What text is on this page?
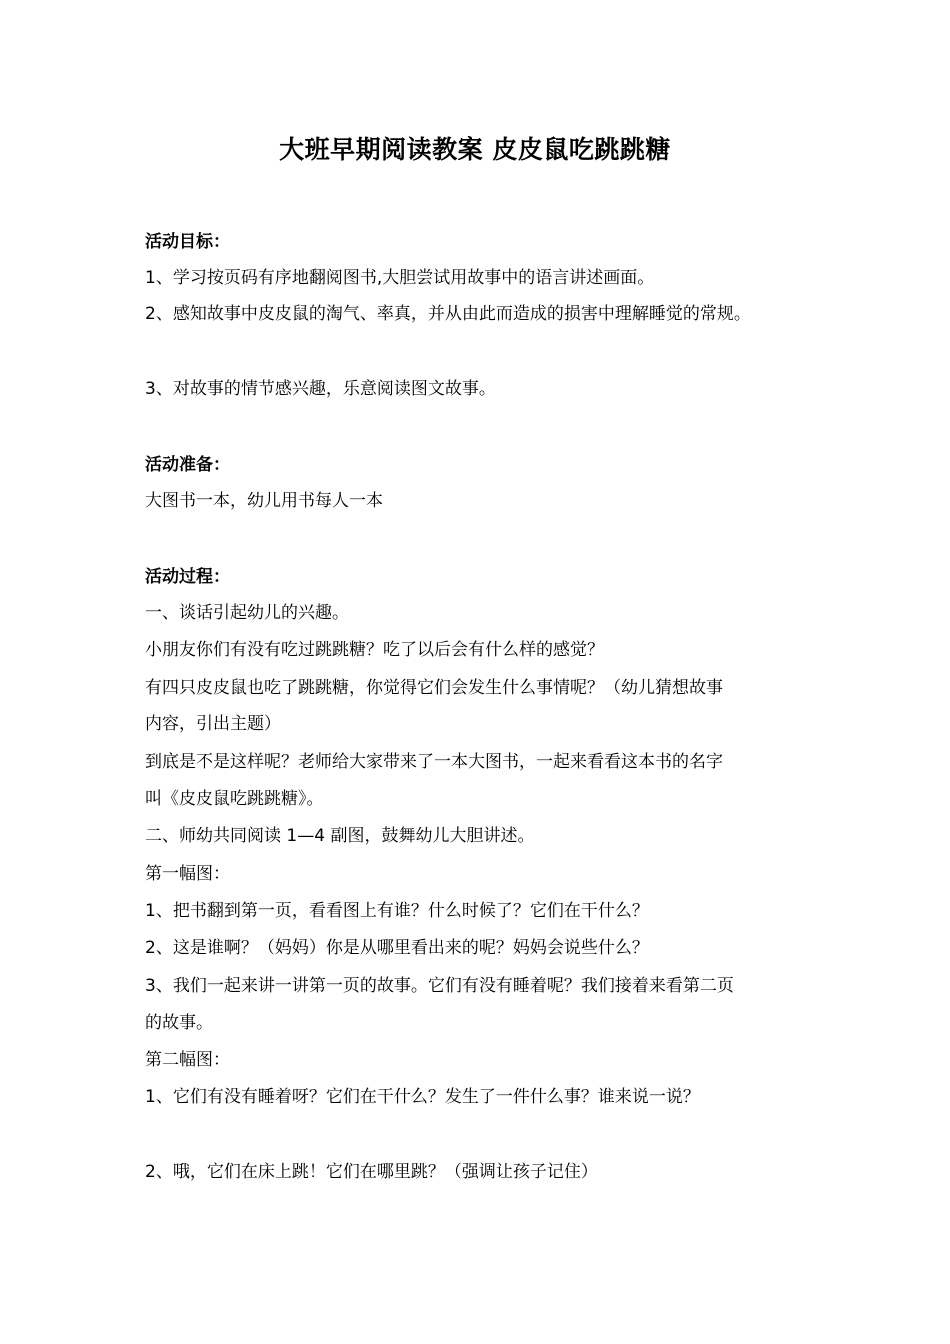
大班早期阅读教案 皮皮鼠吃跳跳糖
活动目标：
1、学习按页码有序地翻阅图书,大胆尝试用故事中的语言讲述画面。
2、感知故事中皮皮鼠的淘气、率真，并从由此而造成的损害中理解睡觉的常规。
3、对故事的情节感兴趣，乐意阅读图文故事。
活动准备：
大图书一本，幼儿用书每人一本
活动过程：
一、谈话引起幼儿的兴趣。
小朋友你们有没有吃过跳跳糖？吃了以后会有什么样的感觉？
有四只皮皮鼠也吃了跳跳糖，你觉得它们会发生什么事情呢？（幼儿猜想故事
内容，引出主题）
到底是不是这样呢？老师给大家带来了一本大图书，一起来看看这本书的名字
叫《皮皮鼠吃跳跳糖》。
二、师幼共同阅读 1—4 副图，鼓舞幼儿大胆讲述。
第一幅图：
1、把书翻到第一页，看看图上有谁？什么时候了？它们在干什么？
2、这是谁啊？（妈妈）你是从哪里看出来的呢？妈妈会说些什么？
3、我们一起来讲一讲第一页的故事。它们有没有睡着呢？我们接着来看第二页
的故事。
第二幅图：
1、它们有没有睡着呀？它们在干什么？发生了一件什么事？谁来说一说？
2、哦，它们在床上跳！它们在哪里跳？（强调让孩子记住）
